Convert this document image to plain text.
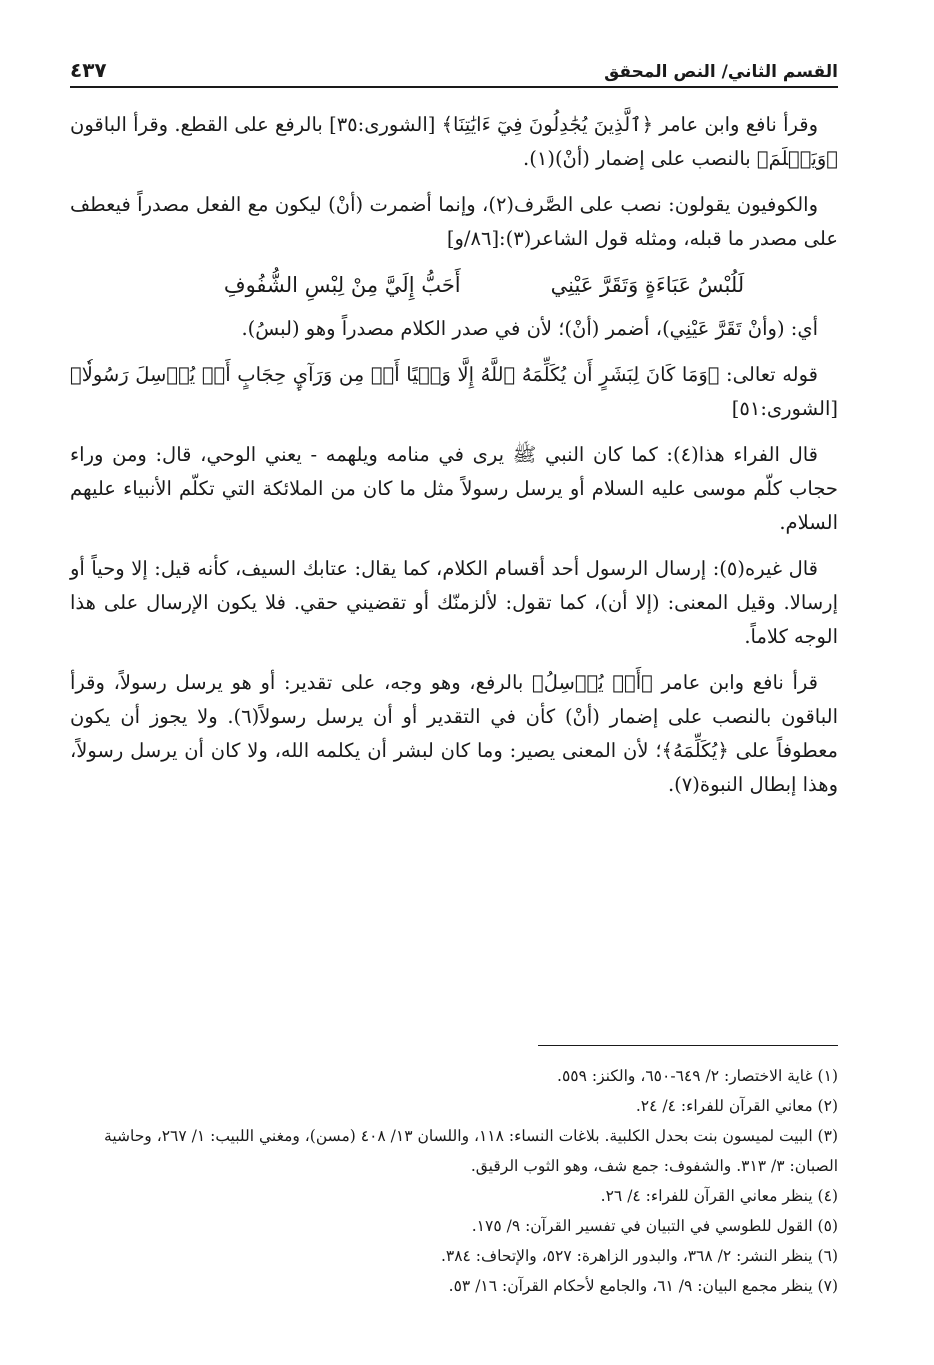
القسم الثاني/ النص المحقق
٤٣٧

وقرأ نافع وابن عامر ﴿ٱلَّذِينَ يُجَٰدِلُونَ فِيٓ ءَايَٰتِنَا﴾ [الشورى:٣٥] بالرفع على القطع. وقرأ الباقون ﴿وَيَعۡلَمَ﴾ بالنصب على إضمار (أنْ)(١).

والكوفيون يقولون: نصب على الصَّرف(٢)، وإنما أضمرت (أنْ) ليكون مع الفعل مصدراً فيعطف على مصدر ما قبله، ومثله قول الشاعر(٣):[٨٦/و]

لَلُبْسُ عَبَاءَةٍ وَتَقَرَّ عَيْنِي
أَحَبُّ إِلَيَّ مِنْ لِبْسِ الشُّفُوفِ

أي: (وأنْ تَقَرَّ عَيْنِي)، أضمر (أنْ)؛ لأن في صدر الكلام مصدراً وهو (لبسُ).

قوله تعالى: ﴿وَمَا كَانَ لِبَشَرٍ أَن يُكَلِّمَهُ ٱللَّهُ إِلَّا وَحۡيًا أَوۡ مِن وَرَآيِٕ حِجَابٍ أَوۡ يُرۡسِلَ رَسُولٗا﴾ [الشورى:٥١]

قال الفراء هذا(٤): كما كان النبي ﷺ يرى في منامه ويلهمه - يعني الوحي، قال: ومن وراء حجاب كلّم موسى عليه السلام أو يرسل رسولاً مثل ما كان من الملائكة التي تكلّم الأنبياء عليهم السلام.

قال غيره(٥): إرسال الرسول أحد أقسام الكلام، كما يقال: عتابك السيف، كأنه قيل: إلا وحياً أو إرسالا. وقيل المعنى: (إلا أن)، كما تقول: لألزمنّك أو تقضيني حقي. فلا يكون الإرسال على هذا الوجه كلاماً.

قرأ نافع وابن عامر ﴿أَوۡ يُرۡسِلُ﴾ بالرفع، وهو وجه، على تقدير: أو هو يرسل رسولاً، وقرأ الباقون بالنصب على إضمار (أنْ) كأن في التقدير أو أن يرسل رسولاً(٦). ولا يجوز أن يكون معطوفاً على ﴿يُكَلِّمَهُ﴾؛ لأن المعنى يصير: وما كان لبشر أن يكلمه الله، ولا كان أن يرسل رسولاً، وهذا إبطال النبوة(٧).

(١) غاية الاختصار: ٢/ ٦٤٩-٦٥٠، والكنز: ٥٥٩.

(٢) معاني القرآن للفراء: ٤/ ٢٤.

(٣) البيت لميسون بنت بحدل الكلبية. بلاغات النساء: ١١٨، واللسان ١٣/ ٤٠٨ (مسن)، ومغني اللبيب: ١/ ٢٦٧، وحاشية الصبان: ٣/ ٣١٣. والشفوف: جمع شف، وهو الثوب الرقيق.

(٤) ينظر معاني القرآن للفراء: ٤/ ٢٦.

(٥) القول للطوسي في التبيان في تفسير القرآن: ٩/ ١٧٥.

(٦) ينظر النشر: ٢/ ٣٦٨، والبدور الزاهرة: ٥٢٧، والإتحاف: ٣٨٤.

(٧) ينظر مجمع البيان: ٩/ ٦١، والجامع لأحكام القرآن: ١٦/ ٥٣.
